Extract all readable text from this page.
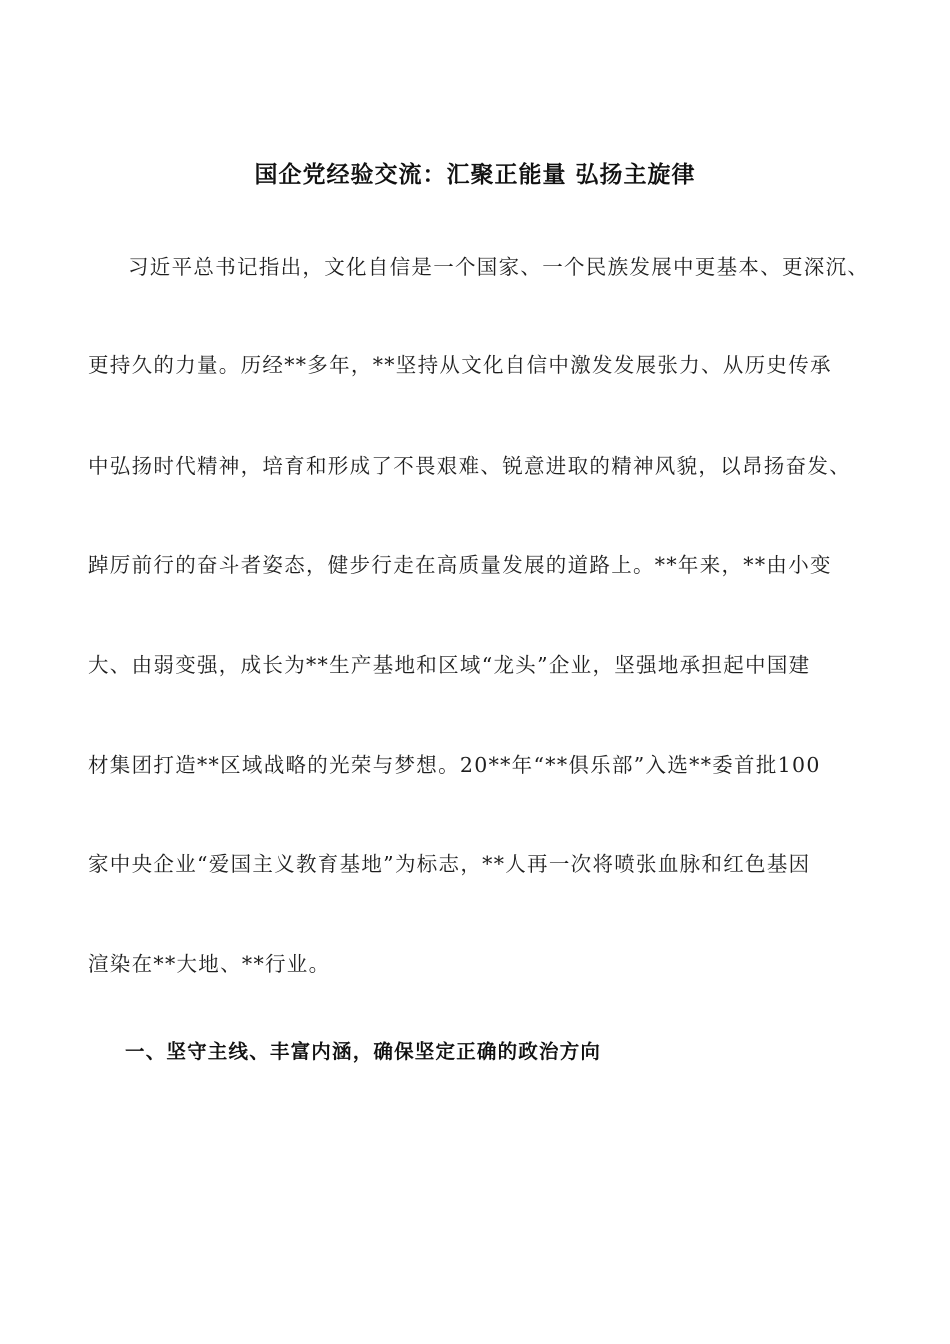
国企党经验交流：汇聚正能量 弘扬主旋律
习近平总书记指出，文化自信是一个国家、一个民族发展中更基本、更深沉、
更持久的力量。历经**多年，**坚持从文化自信中激发发展张力、从历史传承
中弘扬时代精神，培育和形成了不畏艰难、锐意进取的精神风貌，以昂扬奋发、
踔厉前行的奋斗者姿态，健步行走在高质量发展的道路上。**年来，**由小变
大、由弱变强，成长为**生产基地和区域“龙头”企业，坚强地承担起中国建
材集团打造**区域战略的光荣与梦想。20**年“**俱乐部”入选**委首批100
家中央企业“爱国主义教育基地”为标志，**人再一次将喷张血脉和红色基因
渲染在**大地、**行业。
一、坚守主线、丰富内涵，确保坚定正确的政治方向
